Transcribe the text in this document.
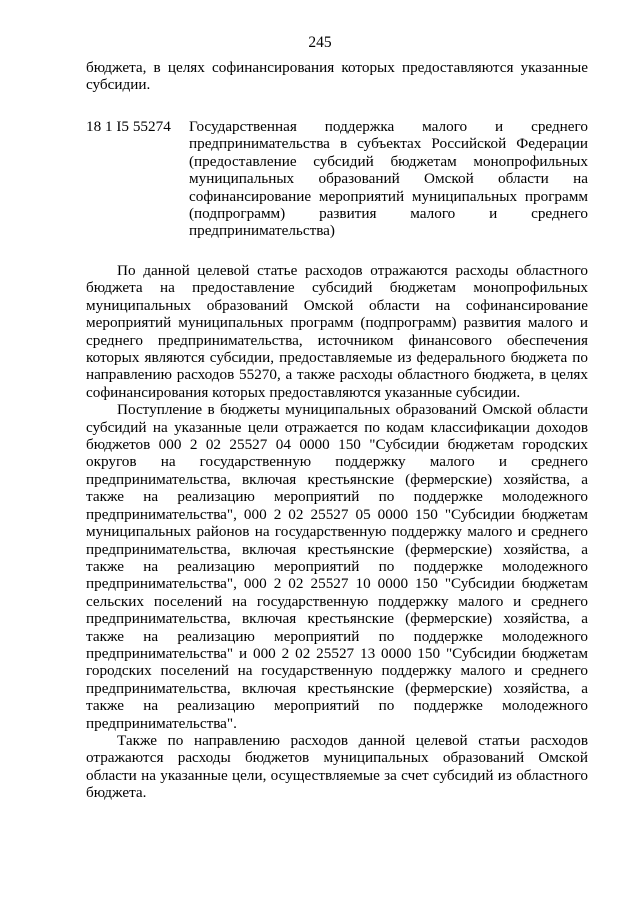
245
бюджета, в целях софинансирования которых предоставляются указанные субсидии.
18 1 I5 55274 Государственная поддержка малого и среднего предпринимательства в субъектах Российской Федерации (предоставление субсидий бюджетам монопрофильных муниципальных образований Омской области на софинансирование мероприятий муниципальных программ (подпрограмм) развития малого и среднего предпринимательства)

По данной целевой статье расходов отражаются расходы областного бюджета на предоставление субсидий бюджетам монопрофильных муниципальных образований Омской области на софинансирование мероприятий муниципальных программ (подпрограмм) развития малого и среднего предпринимательства, источником финансового обеспечения которых являются субсидии, предоставляемые из федерального бюджета по направлению расходов 55270, а также расходы областного бюджета, в целях софинансирования которых предоставляются указанные субсидии.

Поступление в бюджеты муниципальных образований Омской области субсидий на указанные цели отражается по кодам классификации доходов бюджетов 000 2 02 25527 04 0000 150 "Субсидии бюджетам городских округов на государственную поддержку малого и среднего предпринимательства, включая крестьянские (фермерские) хозяйства, а также на реализацию мероприятий по поддержке молодежного предпринимательства", 000 2 02 25527 05 0000 150 "Субсидии бюджетам муниципальных районов на государственную поддержку малого и среднего предпринимательства, включая крестьянские (фермерские) хозяйства, а также на реализацию мероприятий по поддержке молодежного предпринимательства", 000 2 02 25527 10 0000 150 "Субсидии бюджетам сельских поселений на государственную поддержку малого и среднего предпринимательства, включая крестьянские (фермерские) хозяйства, а также на реализацию мероприятий по поддержке молодежного предпринимательства" и 000 2 02 25527 13 0000 150 "Субсидии бюджетам городских поселений на государственную поддержку малого и среднего предпринимательства, включая крестьянские (фермерские) хозяйства, а также на реализацию мероприятий по поддержке молодежного предпринимательства".

Также по направлению расходов данной целевой статьи расходов отражаются расходы бюджетов муниципальных образований Омской области на указанные цели, осуществляемые за счет субсидий из областного бюджета.
